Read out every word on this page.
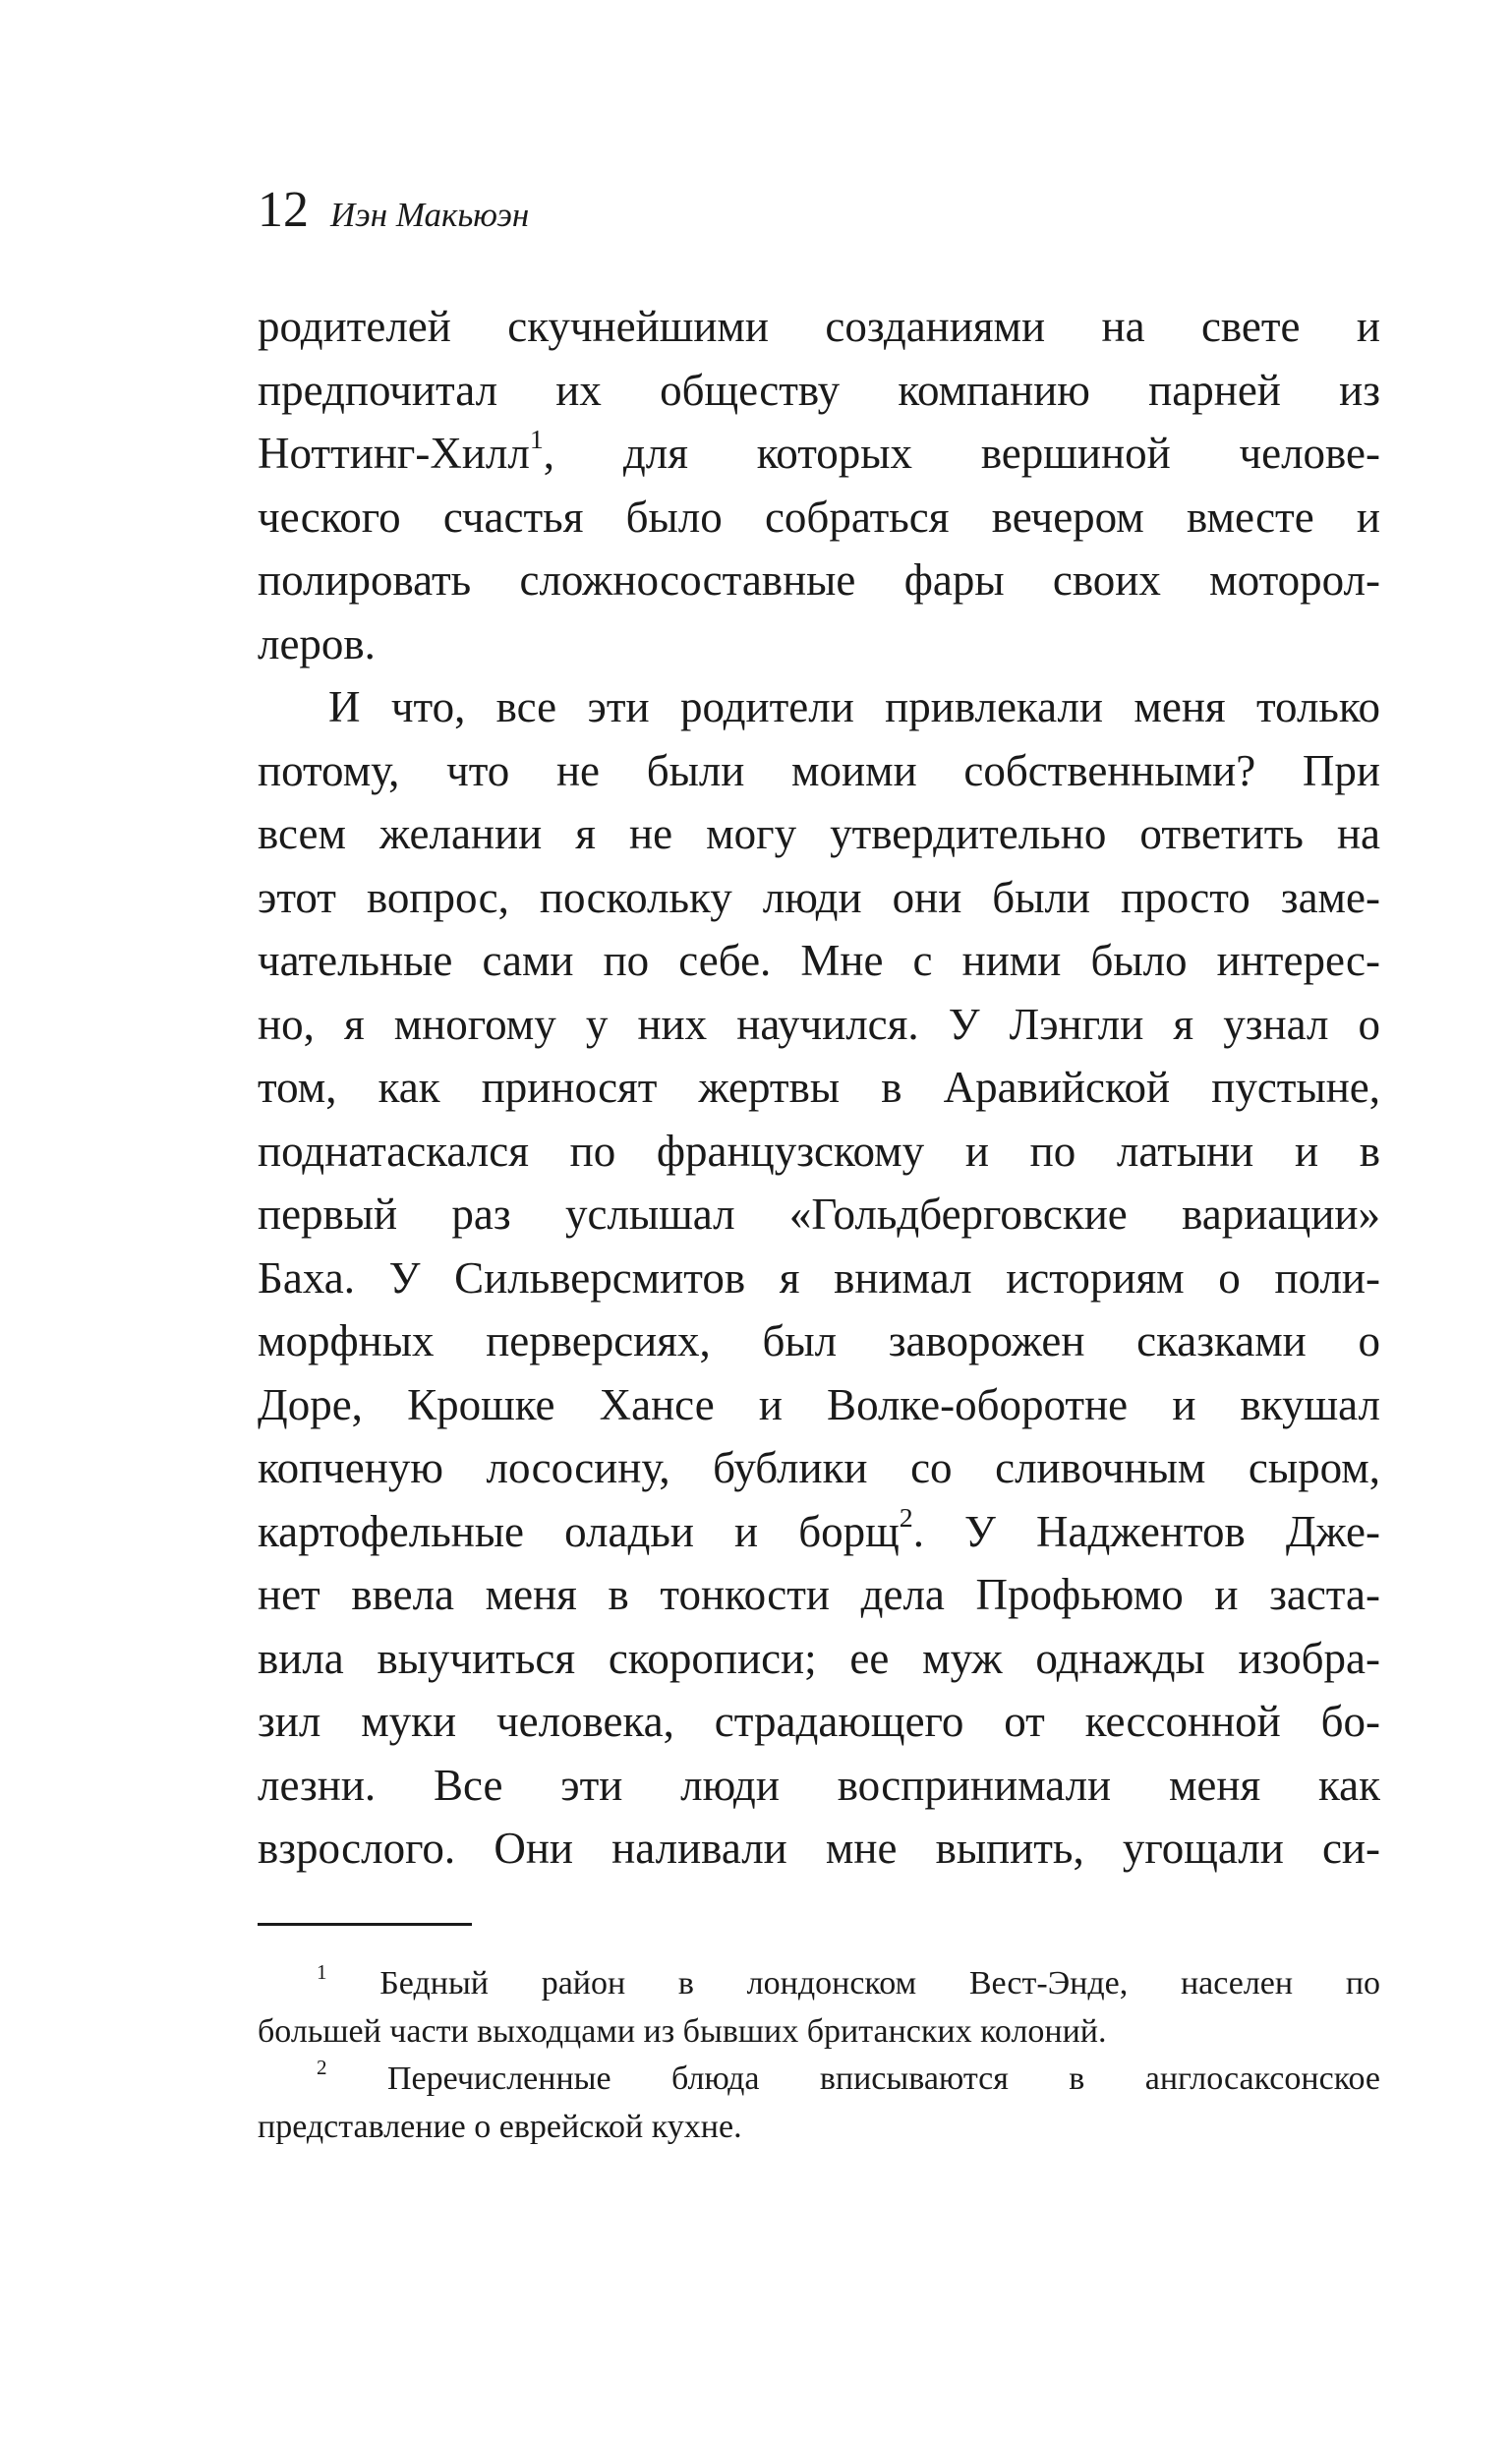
12 Иэн Макьюэн
родителей скучнейшими созданиями на свете и
предпочитал их обществу компанию парней из
Ноттинг-Хилл$^1$, для которых вершиной челове-
ческого счастья было собраться вечером вместе и
полировать сложносоставные фары своих моторол-
леров.
И что, все эти родители привлекали меня только
потому, что не были моими собственными? При
всем желании я не могу утвердительно ответить на
этот вопрос, поскольку люди они были просто заме-
чательные сами по себе. Мне с ними было интерес-
но, я многому у них научился. У Лэнгли я узнал о
том, как приносят жертвы в Аравийской пустыне,
поднатаскался по французскому и по латыни и в
первый раз услышал «Гольдберговские вариации»
Баха. У Сильверсмитов я внимал историям о поли-
морфных перверсиях, был заворожен сказками о
Доре, Крошке Хансе и Волке-оборотне и вкушал
копченую лососину, бублики со сливочным сыром,
картофельные оладьи и борщ$^2$. У Наджентов Дже-
нет ввела меня в тонкости дела Профьюмо и заста-
вила выучиться скорописи; ее муж однажды изобра-
зил муки человека, страдающего от кессонной бо-
лезни. Все эти люди воспринимали меня как
взрослого. Они наливали мне выпить, угощали си-
$^1$ Бедный район в лондонском Вест-Энде, населен по
большей части выходцами из бывших британских колоний.
$^2$ Перечисленные блюда вписываются в англосаксонское
представление о еврейской кухне.
